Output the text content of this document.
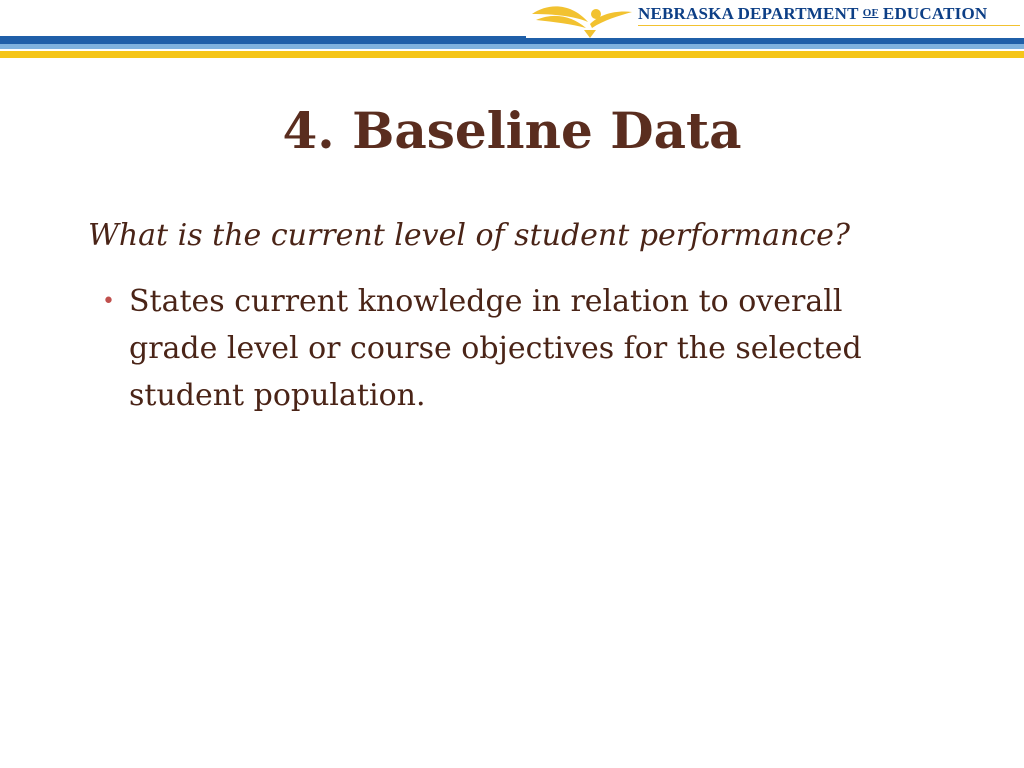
NEBRASKA DEPARTMENT OF EDUCATION
4. Baseline Data
What is the current level of student performance?
• States current knowledge in relation to overall
grade level or course objectives for the selected
student population.
